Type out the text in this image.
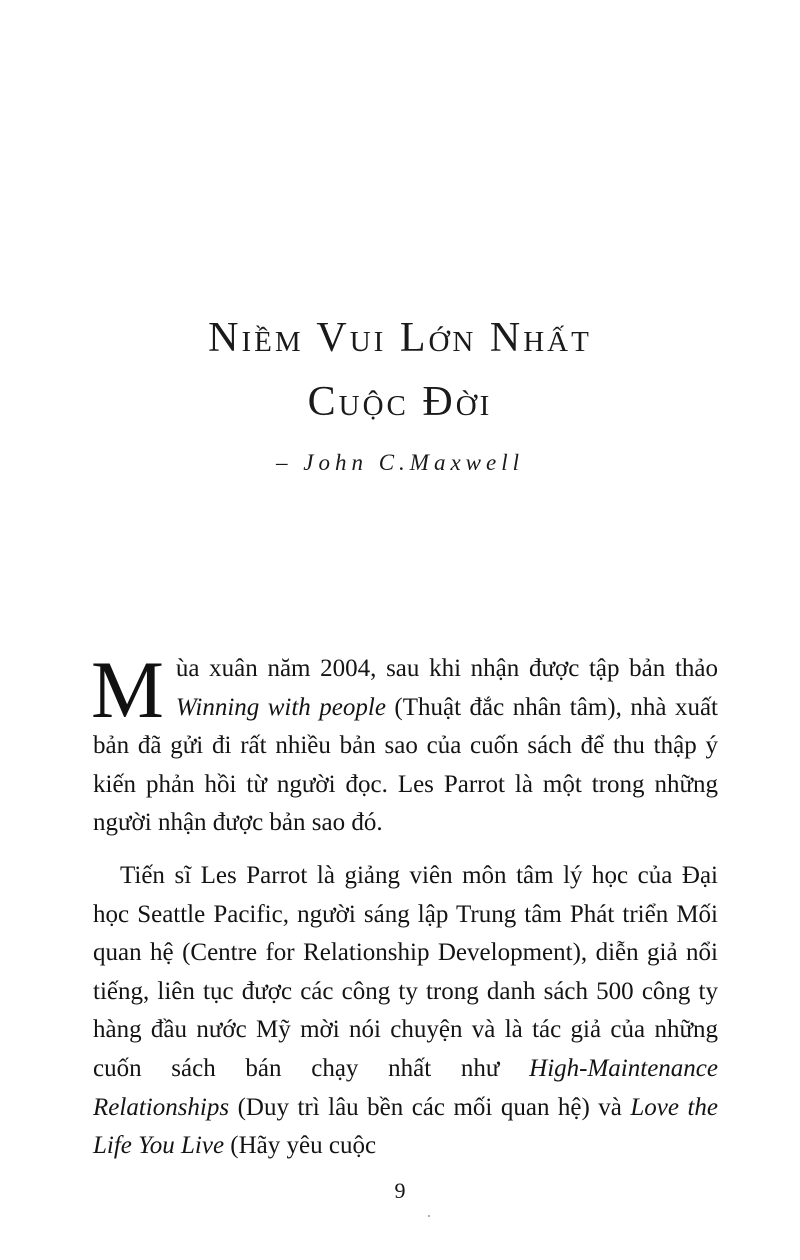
Niềm Vui Lớn Nhất
Cuộc Đời
– John C.Maxwell

Mùa xuân năm 2004, sau khi nhận được tập bản thảo Winning with people (Thuật đắc nhân tâm), nhà xuất bản đã gửi đi rất nhiều bản sao của cuốn sách để thu thập ý kiến phản hồi từ người đọc. Les Parrot là một trong những người nhận được bản sao đó.

Tiến sĩ Les Parrot là giảng viên môn tâm lý học của Đại học Seattle Pacific, người sáng lập Trung tâm Phát triển Mối quan hệ (Centre for Relationship Development), diễn giả nổi tiếng, liên tục được các công ty trong danh sách 500 công ty hàng đầu nước Mỹ mời nói chuyện và là tác giả của những cuốn sách bán chạy nhất như High-Maintenance Relationships (Duy trì lâu bền các mối quan hệ) và Love the Life You Live (Hãy yêu cuộc

9
